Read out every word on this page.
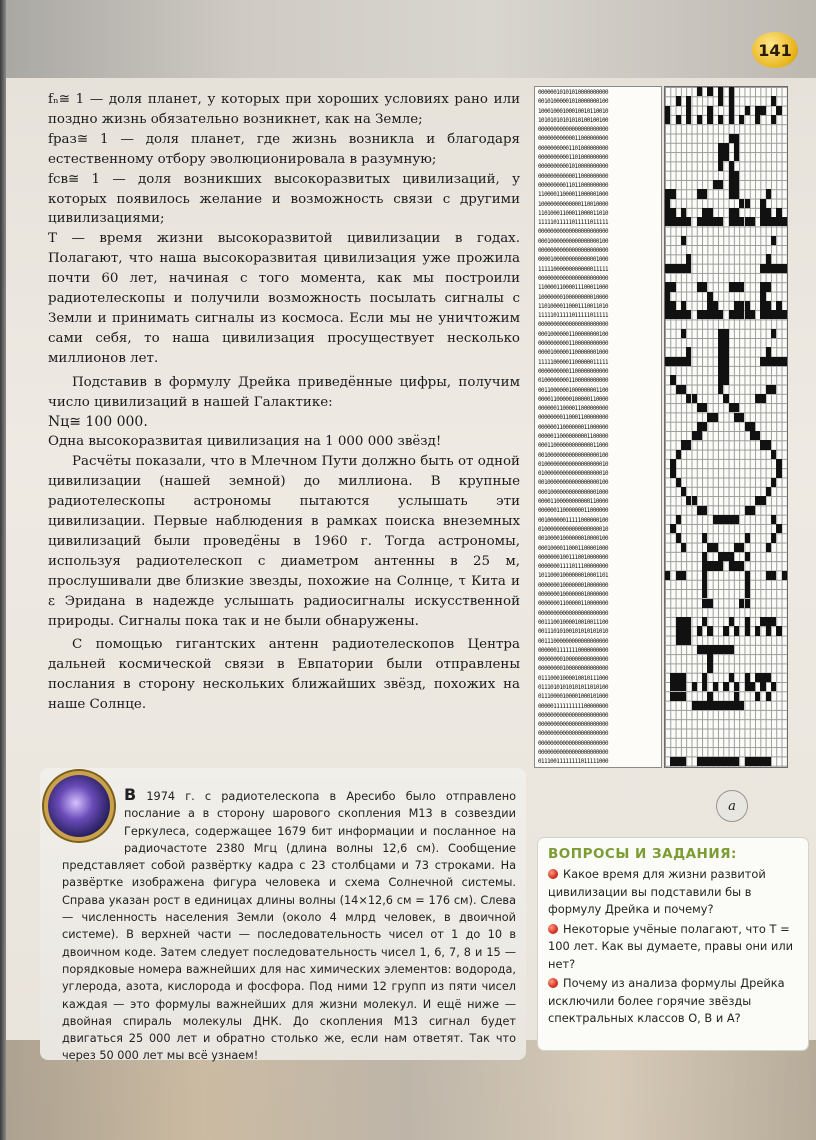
141

fₙ≅ 1 — доля планет, у которых при хороших условиях рано или поздно жизнь обязательно возникнет, как на Земле;

fраз≅ 1 — доля планет, где жизнь возникла и благодаря естественному отбору эволюционировала в разумную;

fсв≅ 1 — доля возникших высокоразвитых цивилизаций, у которых появилось желание и возможность связи с другими цивилизациями;

T — время жизни высокоразвитой цивилизации в годах. Полагают, что наша высокоразвитая цивилизация уже прожила почти 60 лет, начиная с того момента, как мы построили радиотелескопы и получили возможность посылать сигналы с Земли и принимать сигналы из космоса. Если мы не уничтожим сами себя, то наша цивилизация просуществует несколько миллионов лет.

Подставив в формулу Дрейка приведённые цифры, получим число цивилизаций в нашей Галактике:

Nц≅ 100 000.

Одна высокоразвитая цивилизация на 1 000 000 звёзд!

Расчёты показали, что в Млечном Пути должно быть от одной цивилизации (нашей земной) до миллиона. В крупные радиотелескопы астрономы пытаются услышать эти цивилизации. Первые наблюдения в рамках поиска внеземных цивилизаций были проведёны в 1960 г. Тогда астрономы, используя радиотелескоп с диаметром антенны в 25 м, прослушивали две близкие звезды, похожие на Солнце, τ Кита и ε Эридана в надежде услышать радиосигналы искусственной природы. Сигналы пока так и не были обнаружены.

С помощью гигантских антенн радиотелескопов Центра дальней космической связи в Евпатории были отправлены послания в сторону нескольких ближайших звёзд, похожих на наше Солнце.

00000010101010000000000
00101000001010000000100
10001000100010010110010
10101010101010100100100
00000000000000000000000
00000000000011000000000
00000000001101000000000
00000000001101000000000
00000000001010000000000
00000000000011000000000
00000000011011000000000
11000011000011000001000
10000000000000110010000
11010001100011000011010
11111011111011111011111
00000000000000000000000
00010000000000000000100
00000000000000000000000
00001000000000000001000
11111000000000000011111
00000000000000000000000
11000011000011100011000
10000000100000000010000
11010000110001110011010
11111011111011111011111
00000000000000000000000
00010000001100000000100
00000000001100000000000
00001000001100000001000
11111000001100000011111
00000000001100000000000
01000000001100000000000
00110000001000000001100
00001100000100000110000
00000011000011000000000
00000000110001100000000
00000011000000011000000
00000110000000001100000
00011000000000000011000
00100000000000000000100
01000000000000000000010
01000000000000000000010
00100000000000000000100
00010000000000000001000
00001100000000000110000
00000011000000011000000
00100000011111000000100
01000000000000000000010
00100001000000010000100
00010000110001100001000
00000001001110010000000
00000001111011100000000
10110001000000010001101
00000001000000010000000
00000001000000010000000
00000001100000110000000
00000000000000000000000
00111001000010010011100
00111010100101010101010
00111000000000000000000
00000011111110000000000
00000000100000000000000
00000000100000000000000
01110001000010010111000
01110101010101011010100
01110000100001000101000
00000111111111100000000
00000000000000000000000
00000000000000000000000
00000000000000000000000
00000000000000000000000
00000000000000000000000
01110011111111011111000
a
В 1974 г. с радиотелескопа в Аресибо было отправлено послание a в сторону шарового скопления M13 в созвездии Геркулеса, содержащее 1679 бит информации и посланное на радиочастоте 2380 Мгц (длина волны 12,6 см). Сообщение представляет собой развёртку кадра с 23 столбцами и 73 строками. На развёртке изображена фигура человека и схема Солнечной системы. Справа указан рост в единицах длины волны (14×12,6 см = 176 см). Слева — численность населения Земли (около 4 млрд человек, в двоичной системе). В верхней части — последовательность чисел от 1 до 10 в двоичном коде. Затем следует последовательность чисел 1, 6, 7, 8 и 15 — порядковые номера важнейших для нас химических элементов: водорода, углерода, азота, кислорода и фосфора. Под ними 12 групп из пяти чисел каждая — это формулы важнейших для жизни молекул. И ещё ниже — двойная спираль молекулы ДНК. До скопления M13 сигнал будет двигаться 25 000 лет и обратно столько же, если нам ответят. Так что через 50 000 лет мы всё узнаем!
ВОПРОСЫ И ЗАДАНИЯ:
Какое время для жизни развитой цивилизации вы подставили бы в формулу Дрейка и почему?
Некоторые учёные полагают, что T = 100 лет. Как вы думаете, правы они или нет?
Почему из анализа формулы Дрейка исключили более горячие звёзды спектральных классов О, В и А?
